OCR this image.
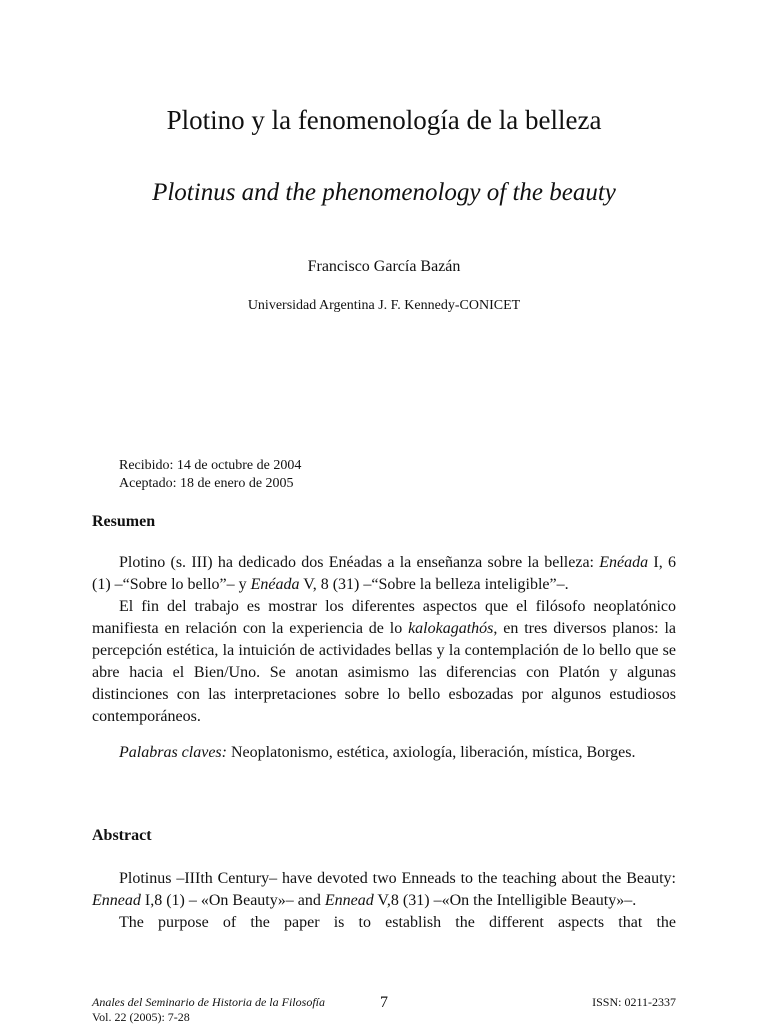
Plotino y la fenomenología de la belleza
Plotinus and the phenomenology of the beauty
Francisco García Bazán
Universidad Argentina J. F. Kennedy-CONICET
Recibido: 14 de octubre de 2004
Aceptado: 18 de enero de 2005
Resumen

Plotino (s. III) ha dedicado dos Enéadas a la enseñanza sobre la belleza: Enéada I, 6 (1) –“Sobre lo bello”– y Enéada V, 8 (31) –“Sobre la belleza inteligible”–.

El fin del trabajo es mostrar los diferentes aspectos que el filósofo neoplatónico manifiesta en relación con la experiencia de lo kalokagathós, en tres diversos planos: la percepción estética, la intuición de actividades bellas y la contemplación de lo bello que se abre hacia el Bien/Uno. Se anotan asimismo las diferencias con Platón y algunas distinciones con las interpretaciones sobre lo bello esbozadas por algunos estudiosos contemporáneos.

Palabras claves: Neoplatonismo, estética, axiología, liberación, mística, Borges.
Abstract

Plotinus –IIIth Century– have devoted two Enneads to the teaching about the Beauty: Ennead I,8 (1) – «On Beauty»– and Ennead V,8 (31) –«On the Intelligible Beauty»–.

The purpose of the paper is to establish the different aspects that the

Anales del Seminario de Historia de la Filosofía
Vol. 22 (2005): 7-28
7	ISSN: 0211-2337
